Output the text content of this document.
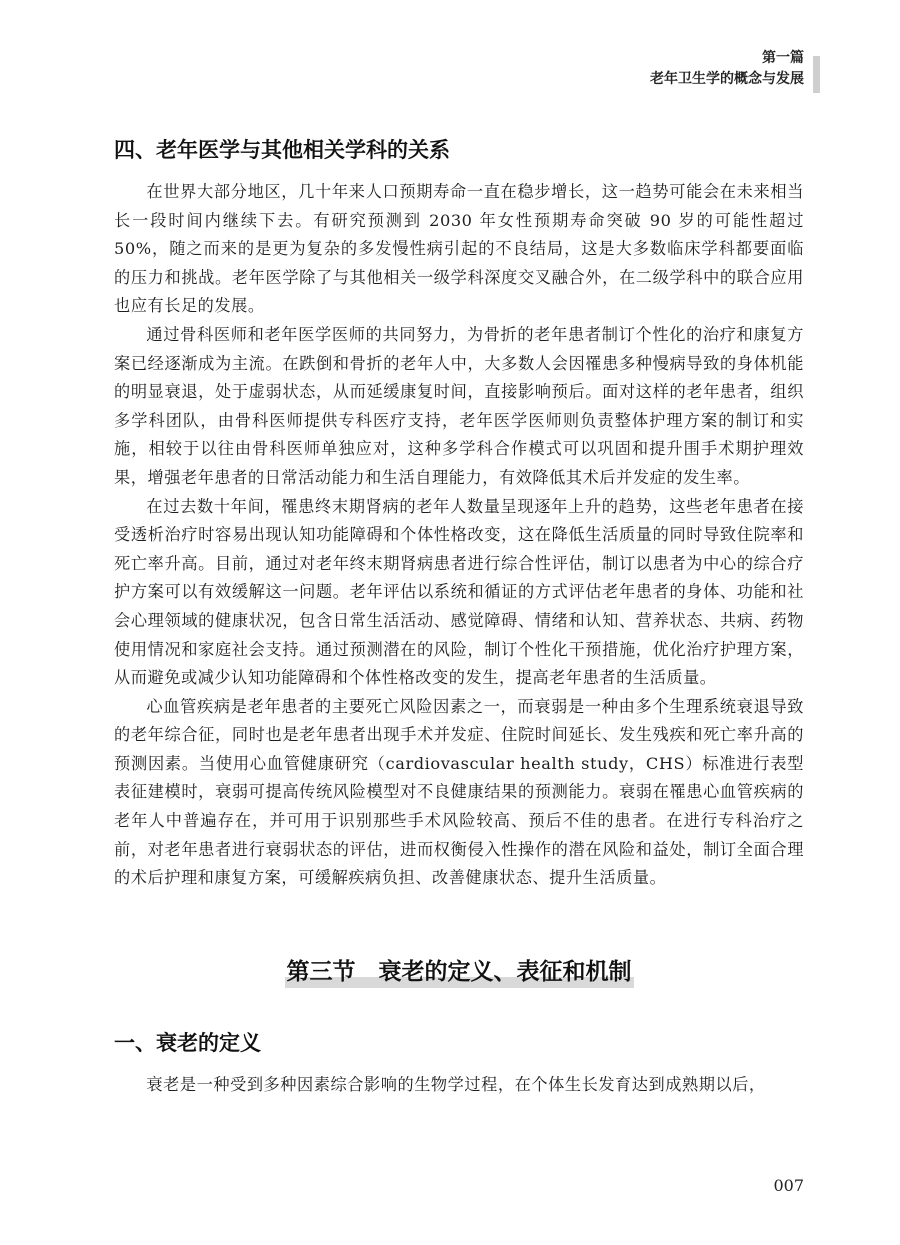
第一篇
老年卫生学的概念与发展
四、老年医学与其他相关学科的关系

在世界大部分地区，几十年来人口预期寿命一直在稳步增长，这一趋势可能会在未来相当长一段时间内继续下去。有研究预测到 2030 年女性预期寿命突破 90 岁的可能性超过 50%，随之而来的是更为复杂的多发慢性病引起的不良结局，这是大多数临床学科都要面临的压力和挑战。老年医学除了与其他相关一级学科深度交叉融合外，在二级学科中的联合应用也应有长足的发展。

通过骨科医师和老年医学医师的共同努力，为骨折的老年患者制订个性化的治疗和康复方案已经逐渐成为主流。在跌倒和骨折的老年人中，大多数人会因罹患多种慢病导致的身体机能的明显衰退，处于虚弱状态，从而延缓康复时间，直接影响预后。面对这样的老年患者，组织多学科团队，由骨科医师提供专科医疗支持，老年医学医师则负责整体护理方案的制订和实施，相较于以往由骨科医师单独应对，这种多学科合作模式可以巩固和提升围手术期护理效果，增强老年患者的日常活动能力和生活自理能力，有效降低其术后并发症的发生率。

在过去数十年间，罹患终末期肾病的老年人数量呈现逐年上升的趋势，这些老年患者在接受透析治疗时容易出现认知功能障碍和个体性格改变，这在降低生活质量的同时导致住院率和死亡率升高。目前，通过对老年终末期肾病患者进行综合性评估，制订以患者为中心的综合疗护方案可以有效缓解这一问题。老年评估以系统和循证的方式评估老年患者的身体、功能和社会心理领域的健康状况，包含日常生活活动、感觉障碍、情绪和认知、营养状态、共病、药物使用情况和家庭社会支持。通过预测潜在的风险，制订个性化干预措施，优化治疗护理方案，从而避免或减少认知功能障碍和个体性格改变的发生，提高老年患者的生活质量。

心血管疾病是老年患者的主要死亡风险因素之一，而衰弱是一种由多个生理系统衰退导致的老年综合征，同时也是老年患者出现手术并发症、住院时间延长、发生残疾和死亡率升高的预测因素。当使用心血管健康研究（cardiovascular health study，CHS）标准进行表型表征建模时，衰弱可提高传统风险模型对不良健康结果的预测能力。衰弱在罹患心血管疾病的老年人中普遍存在，并可用于识别那些手术风险较高、预后不佳的患者。在进行专科治疗之前，对老年患者进行衰弱状态的评估，进而权衡侵入性操作的潜在风险和益处，制订全面合理的术后护理和康复方案，可缓解疾病负担、改善健康状态、提升生活质量。

第三节　衰老的定义、表征和机制
一、衰老的定义

衰老是一种受到多种因素综合影响的生物学过程，在个体生长发育达到成熟期以后，

007
